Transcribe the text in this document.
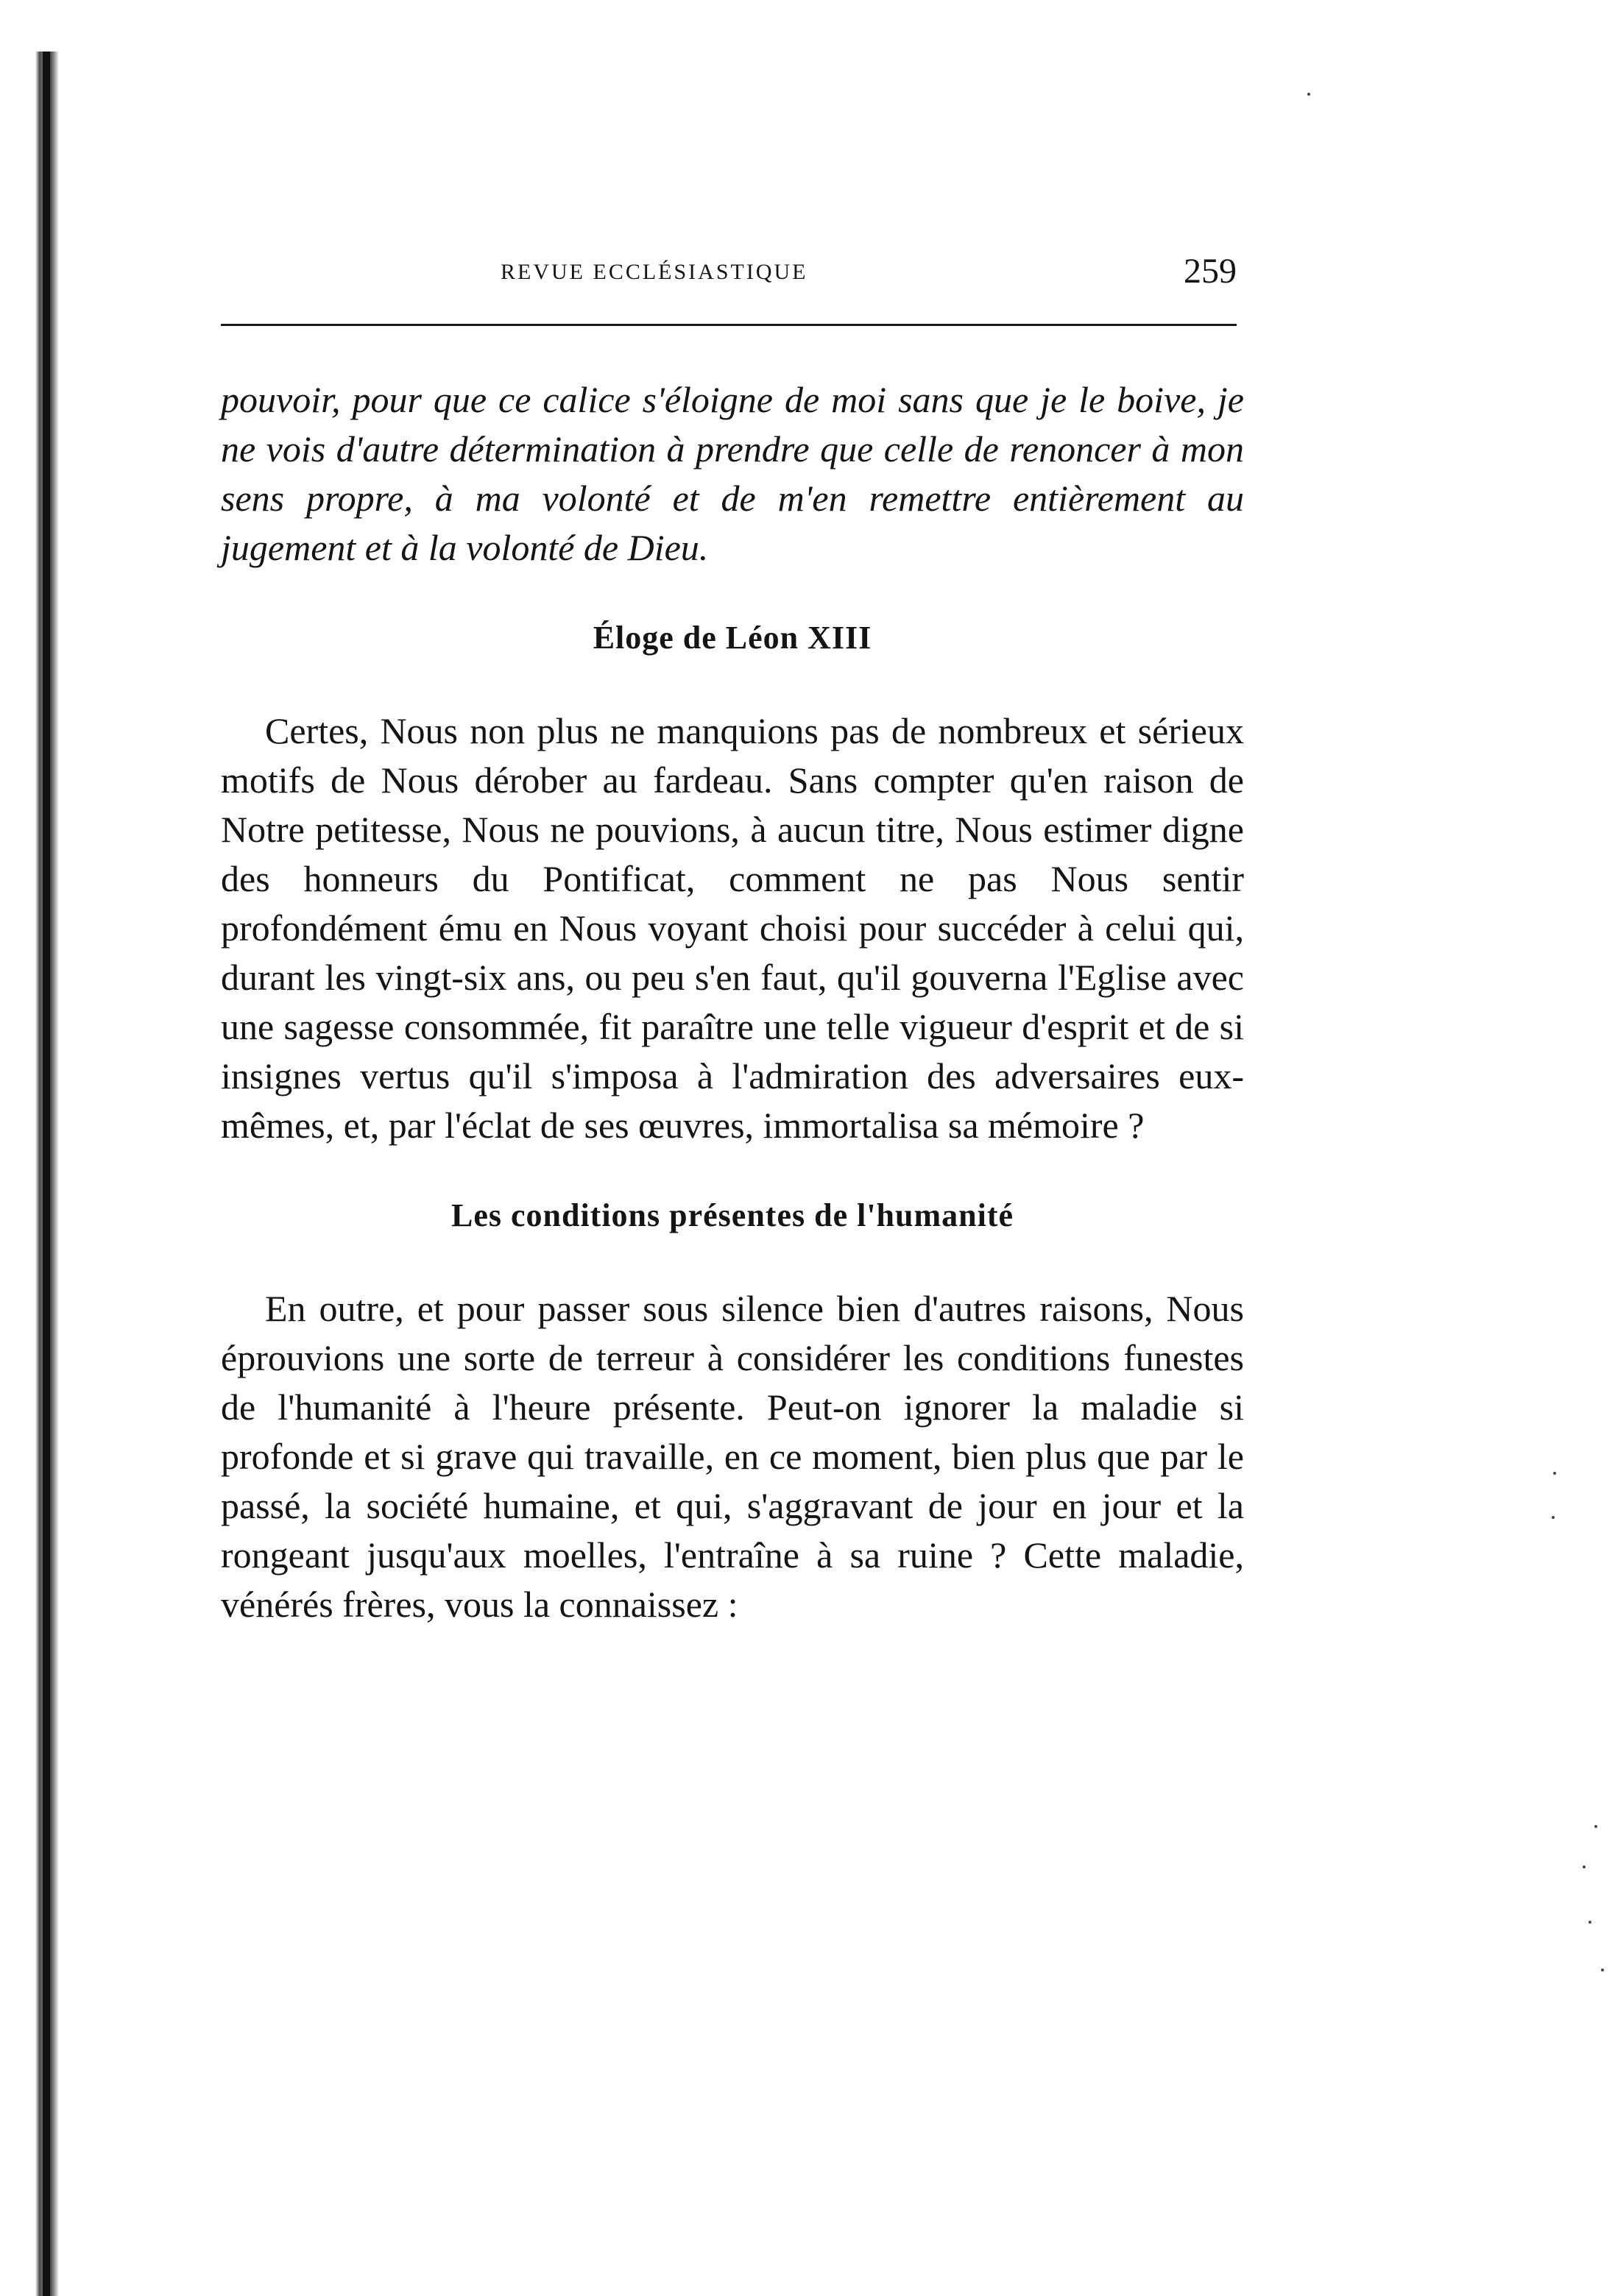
REVUE ECCLÉSIASTIQUE	259

pouvoir, pour que ce calice s'éloigne de moi sans que je le boive, je ne vois d'autre détermination à prendre que celle de renoncer à mon sens propre, à ma volonté et de m'en remettre entièrement au jugement et à la volonté de Dieu.

Éloge de Léon XIII

Certes, Nous non plus ne manquions pas de nombreux et sérieux motifs de Nous dérober au fardeau. Sans compter qu'en raison de Notre petitesse, Nous ne pouvions, à aucun titre, Nous estimer digne des honneurs du Pontificat, comment ne pas Nous sentir profondément ému en Nous voyant choisi pour succéder à celui qui, durant les vingt-six ans, ou peu s'en faut, qu'il gouverna l'Eglise avec une sagesse consommée, fit paraître une telle vigueur d'esprit et de si insignes vertus qu'il s'imposa à l'admiration des adversaires eux-mêmes, et, par l'éclat de ses œuvres, immortalisa sa mémoire ?

Les conditions présentes de l'humanité

En outre, et pour passer sous silence bien d'autres raisons, Nous éprouvions une sorte de terreur à considérer les conditions funestes de l'humanité à l'heure présente. Peut-on ignorer la maladie si profonde et si grave qui travaille, en ce moment, bien plus que par le passé, la société humaine, et qui, s'aggravant de jour en jour et la rongeant jusqu'aux moelles, l'entraîne à sa ruine ? Cette maladie, vénérés frères, vous la connaissez :
